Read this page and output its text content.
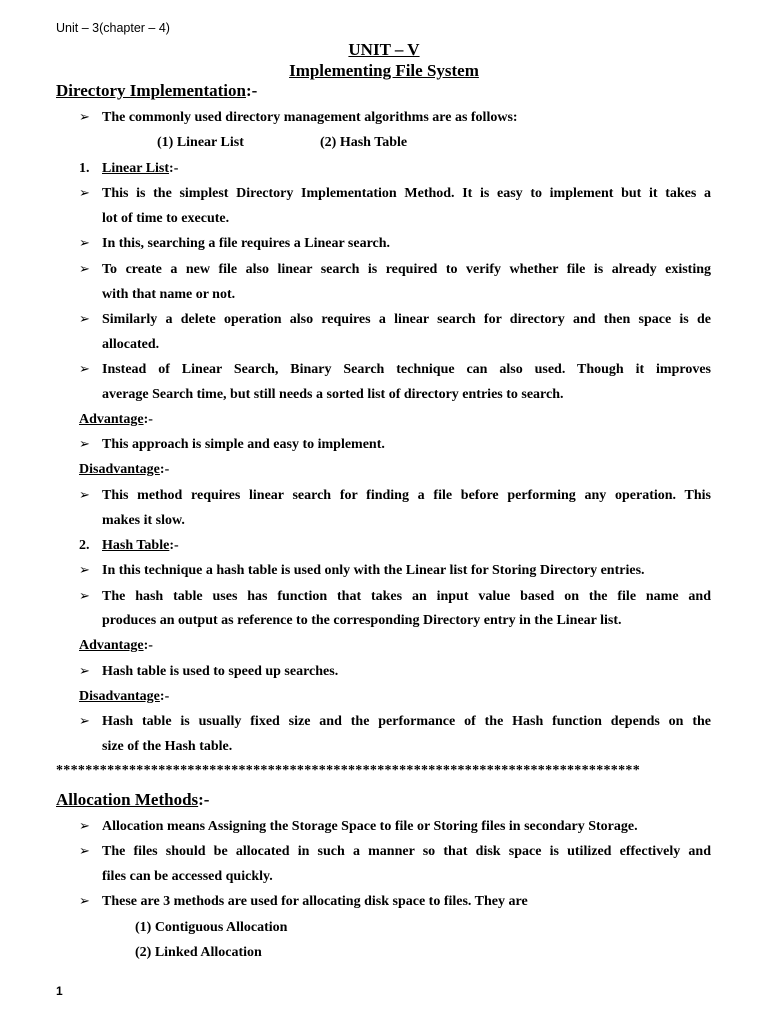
Unit – 3(chapter – 4)
UNIT – V
Implementing File System
Directory Implementation:-
➢ The commonly used directory management algorithms are as follows:
(1) Linear List	(2) Hash Table
1. Linear List:-
➢ This is the simplest Directory Implementation Method. It is easy to implement but it takes a
lot of time to execute.
➢ In this, searching a file requires a Linear search.
➢ To create a new file also linear search is required to verify whether file is already existing
with that name or not.
➢ Similarly a delete operation also requires a linear search for directory and then space is de
allocated.
➢ Instead of Linear Search, Binary Search technique can also used. Though it improves
average Search time, but still needs a sorted list of directory entries to search.
Advantage:-
➢ This approach is simple and easy to implement.
Disadvantage:-
➢ This method requires linear search for finding a file before performing any operation. This
makes it slow.
2. Hash Table:-
➢ In this technique a hash table is used only with the Linear list for Storing Directory entries.
➢ The hash table uses has function that takes an input value based on the file name and
produces an output as reference to the corresponding Directory entry in the Linear list.
Advantage:-
➢ Hash table is used to speed up searches.
Disadvantage:-
➢ Hash table is usually fixed size and the performance of the Hash function depends on the
size of the Hash table.
********************************************************************************
Allocation Methods:-
➢ Allocation means Assigning the Storage Space to file or Storing files in secondary Storage.
➢ The files should be allocated in such a manner so that disk space is utilized effectively and
files can be accessed quickly.
➢ These are 3 methods are used for allocating disk space to files. They are
(1) Contiguous Allocation
(2) Linked Allocation
1
